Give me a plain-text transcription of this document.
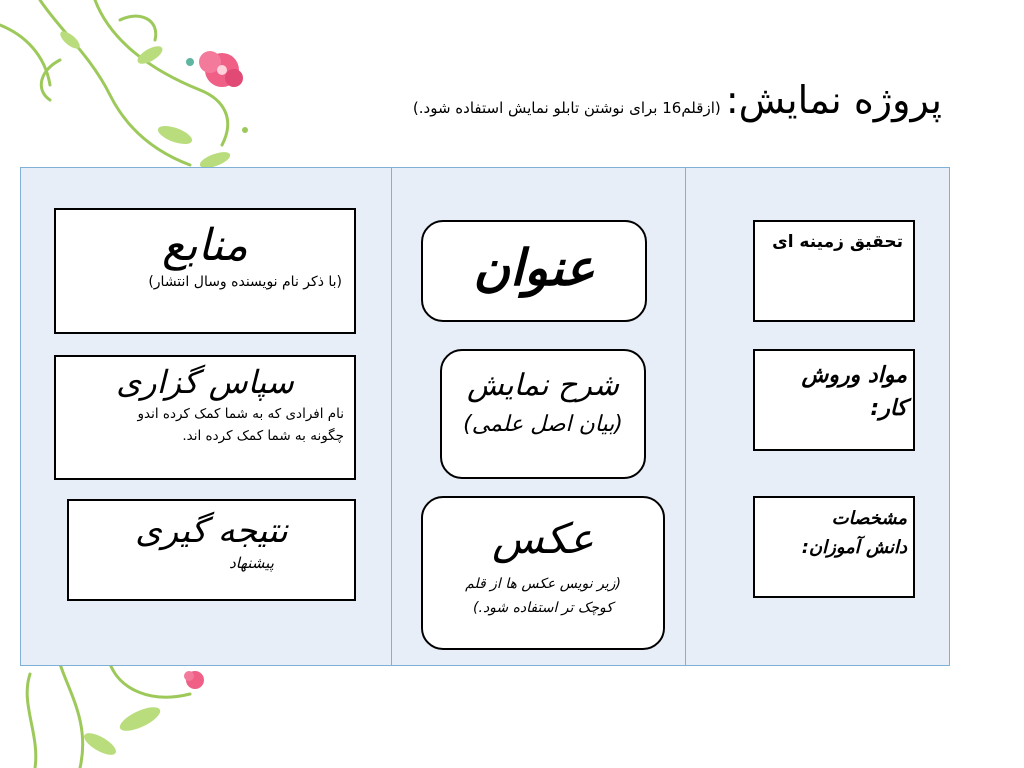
پروژه نمایش: (ازقلم16 برای نوشتن تابلو نمایش استفاده شود.)
منابع
(با ذکر نام نویسنده وسال انتشار)
سپاس گزاری
نام افرادی که به شما کمک کرده اندو
چگونه به شما کمک کرده اند.
نتیجه گیری
پیشنهاد
عنوان
شرح نمایش
(بیان اصل علمی)
عکس
(زیر نویس عکس ها از قلم
کوچک تر استفاده شود.)
تحقیق زمینه ای
مواد وروش
کار:
مشخصات
دانش آموزان:
